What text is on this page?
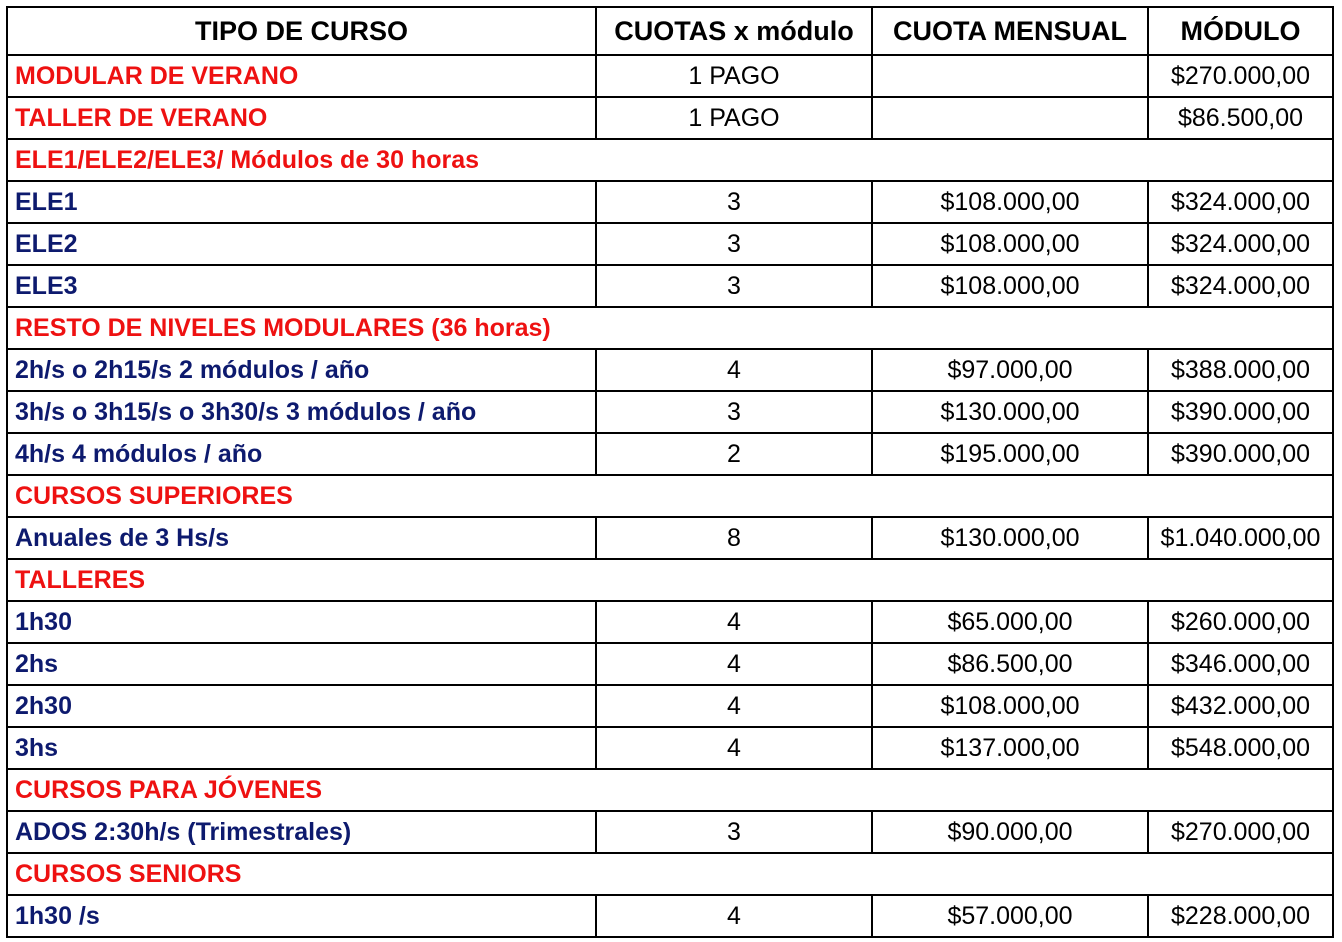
TIPO DE CURSO	CUOTAS x módulo	CUOTA MENSUAL	MÓDULO
MODULAR DE VERANO	1 PAGO		$270.000,00
TALLER DE VERANO	1 PAGO		$86.500,00
ELE1/ELE2/ELE3/ Módulos de 30 horas			
ELE1	3	$108.000,00	$324.000,00
ELE2	3	$108.000,00	$324.000,00
ELE3	3	$108.000,00	$324.000,00
RESTO DE NIVELES MODULARES (36 horas)			
2h/s o 2h15/s 2 módulos / año	4	$97.000,00	$388.000,00
3h/s o 3h15/s o 3h30/s 3 módulos / año	3	$130.000,00	$390.000,00
4h/s 4 módulos / año	2	$195.000,00	$390.000,00
CURSOS SUPERIORES			
Anuales de 3 Hs/s	8	$130.000,00	$1.040.000,00
TALLERES			
1h30	4	$65.000,00	$260.000,00
2hs	4	$86.500,00	$346.000,00
2h30	4	$108.000,00	$432.000,00
3hs	4	$137.000,00	$548.000,00
CURSOS PARA JÓVENES			
ADOS 2:30h/s (Trimestrales)	3	$90.000,00	$270.000,00
CURSOS SENIORS			
1h30 /s	4	$57.000,00	$228.000,00
